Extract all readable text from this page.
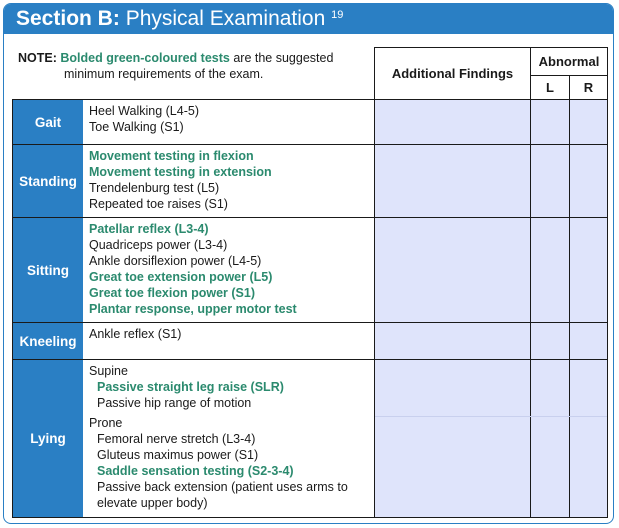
Section B: Physical Examination $^{19}$
NOTE: Bolded green-coloured tests are the suggested
minimum requirements of the exam.	Additional Findings
Abnormal
L R
Gait
Heel Walking (L4-5)
Toe Walking (S1)
Standing
Movement testing in flexion
Movement testing in extension
Trendelenburg test (L5)
Repeated toe raises (S1)
Sitting
Patellar reflex (L3-4)
Quadriceps power (L3-4)
Ankle dorsiflexion power (L4-5)
Great toe extension power (L5)
Great toe flexion power (S1)
Plantar response, upper motor test
Kneeling Ankle reflex (S1)
Lying
Supine
Passive straight leg raise (SLR)
Passive hip range of motion
Prone
Femoral nerve stretch (L3-4)
Gluteus maximus power (S1)
Saddle sensation testing (S2-3-4)
Passive back extension (patient uses arms to elevate upper body)
